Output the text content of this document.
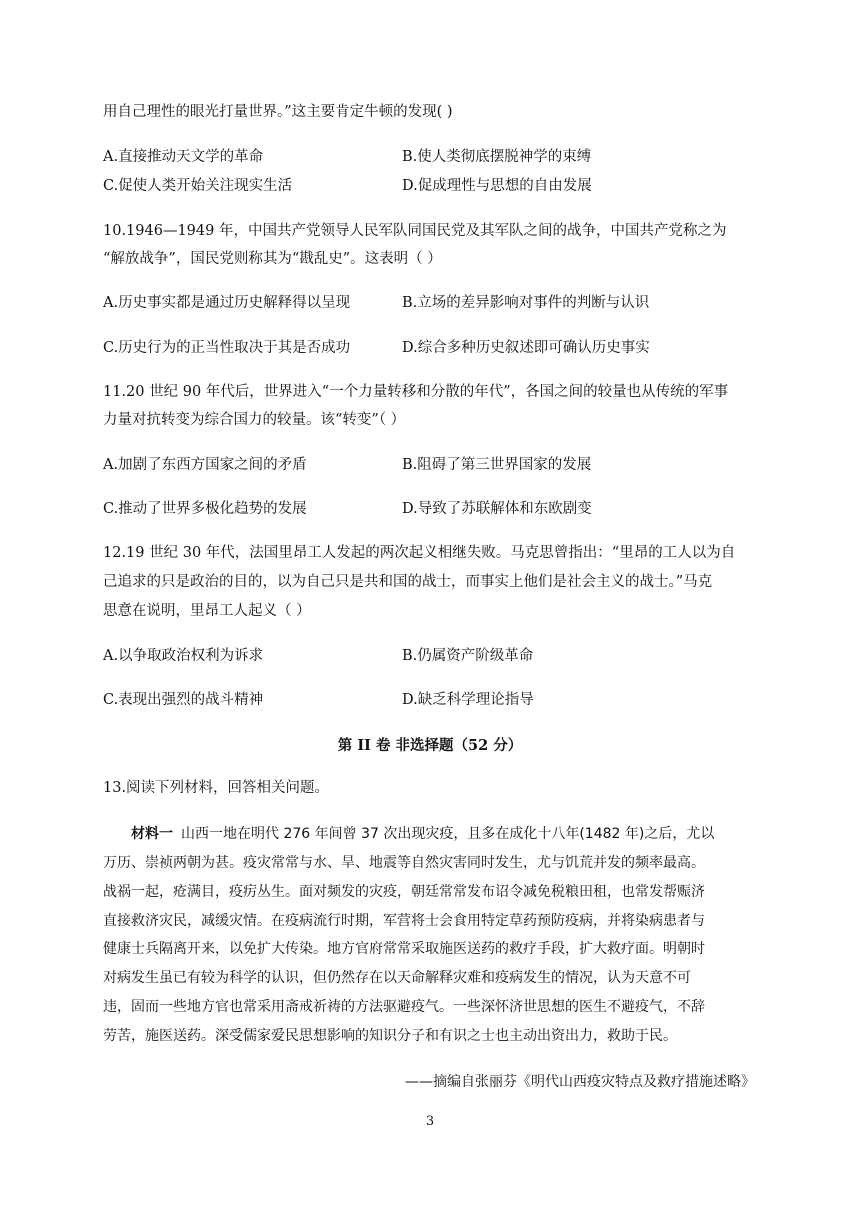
用自己理性的眼光打量世界。”这主要肯定牛顿的发现( )
A.直接推动天文学的革命	B.使人类彻底摆脱神学的束缚
C.促使人类开始关注现实生活	D.促成理性与思想的自由发展
10.1946—1949 年，中国共产党领导人民军队同国民党及其军队之间的战争，中国共产党称之为
“解放战争”，国民党则称其为“戡乱史”。这表明（ ）
A.历史事实都是通过历史解释得以呈现	B.立场的差异影响对事件的判断与认识
C.历史行为的正当性取决于其是否成功	D.综合多种历史叙述即可确认历史事实
11.20 世纪 90 年代后，世界进入“一个力量转移和分散的年代”，各国之间的较量也从传统的军事
力量对抗转变为综合国力的较量。该“转变”（ ）
A.加剧了东西方国家之间的矛盾	B.阻碍了第三世界国家的发展
C.推动了世界多极化趋势的发展	D.导致了苏联解体和东欧剧变
12.19 世纪 30 年代，法国里昂工人发起的两次起义相继失败。马克思曾指出：“里昂的工人以为自
己追求的只是政治的目的，以为自己只是共和国的战士，而事实上他们是社会主义的战士。”马克
思意在说明，里昂工人起义（ ）
A.以争取政治权利为诉求	B.仍属资产阶级革命
C.表现出强烈的战斗精神	D.缺乏科学理论指导
第 II 卷 非选择题（52 分）
13.阅读下列材料，回答相关问题。
材料一 山西一地在明代 276 年间曾 37 次出现灾疫，且多在成化十八年(1482 年)之后，尤以
万历、崇祯两朝为甚。疫灾常常与水、旱、地震等自然灾害同时发生，尤与饥荒并发的频率最高。
战祸一起，疮满目，疫疠丛生。面对频发的灾疫，朝廷常常发布诏令减免税粮田租，也常发帮赈济
直接救济灾民，减缓灾情。在疫病流行时期，军营将士会食用特定草药预防疫病，并将染病患者与
健康士兵隔离开来，以免扩大传染。地方官府常常采取施医送药的救疗手段，扩大救疗面。明朝时
对病发生虽已有较为科学的认识，但仍然存在以天命解释灾难和疫病发生的情况，认为天意不可
违，固而一些地方官也常采用斋戒祈祷的方法驱避疫气。一些深怀济世思想的医生不避疫气，不辞
劳苦，施医送药。深受儒家爱民思想影响的知识分子和有识之士也主动出资出力，救助于民。
——摘编自张丽芬《明代山西疫灾特点及救疗措施述略》
3
